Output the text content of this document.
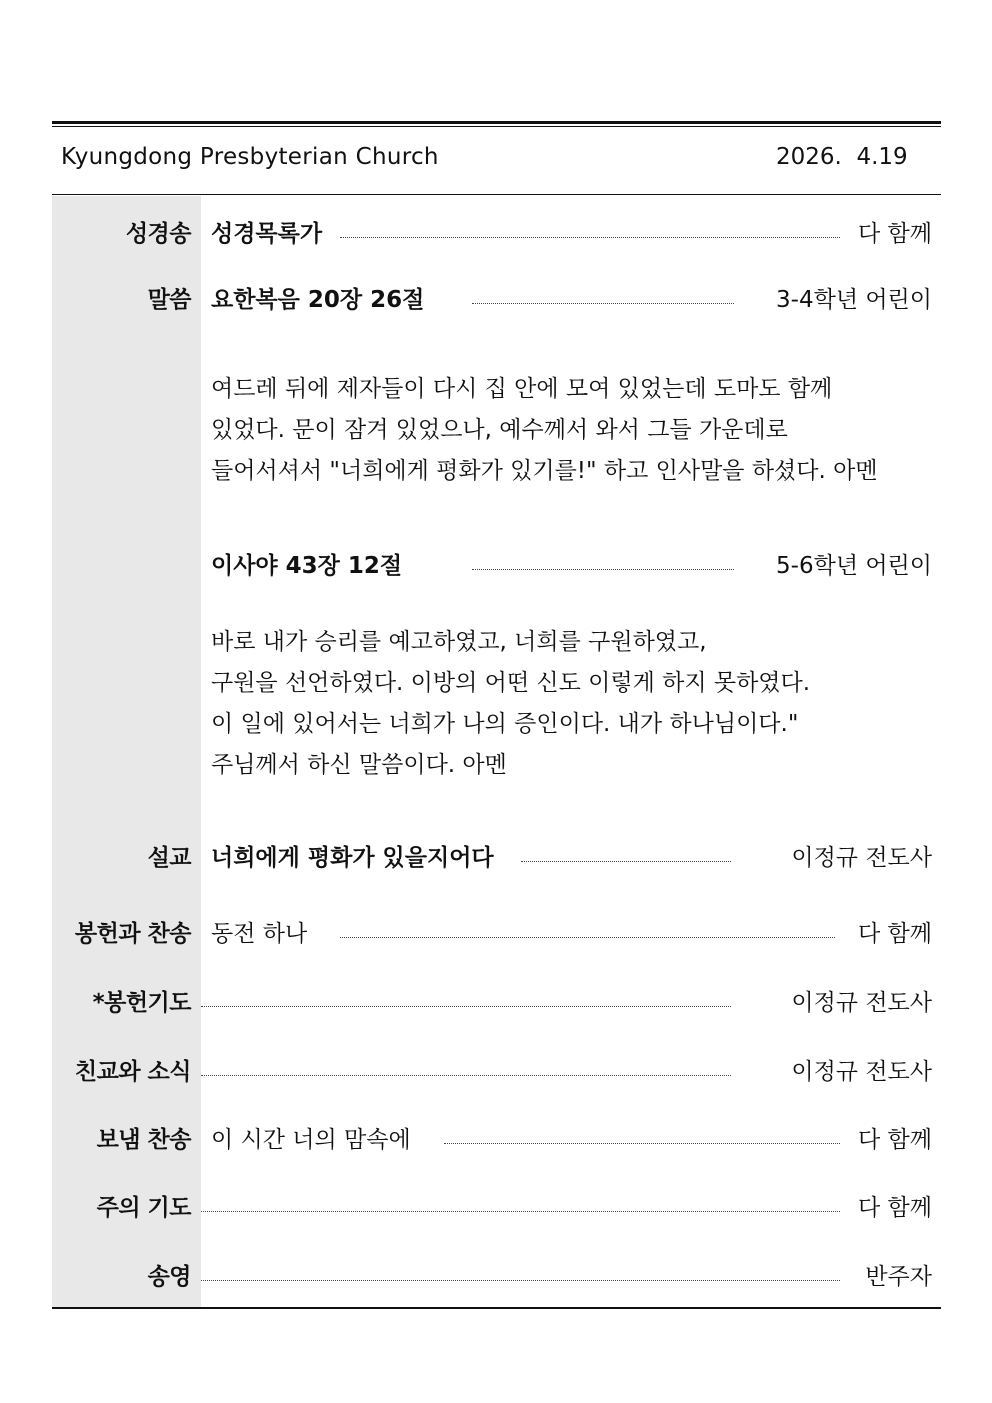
Kyungdong Presbyterian Church	2026.  4.19
성경송 성경목록가	다 함께
말씀 요한복음 20장 26절	3-4학년 어린이
여드레 뒤에 제자들이 다시 집 안에 모여 있었는데 도마도 함께
있었다. 문이 잠겨 있었으나, 예수께서 와서 그들 가운데로
들어서셔서 "너희에게 평화가 있기를!" 하고 인사말을 하셨다. 아멘
이사야 43장 12절	5-6학년 어린이
바로 내가 승리를 예고하였고, 너희를 구원하였고,
구원을 선언하였다. 이방의 어떤 신도 이렇게 하지 못하였다.
이 일에 있어서는 너희가 나의 증인이다. 내가 하나님이다."
주님께서 하신 말씀이다. 아멘
설교 너희에게 평화가 있을지어다	이정규 전도사
봉헌과 찬송 동전 하나	다 함께
*봉헌기도	이정규 전도사
친교와 소식	이정규 전도사
보냄 찬송 이 시간 너의 맘속에	다 함께
주의 기도	다 함께
송영	반주자
